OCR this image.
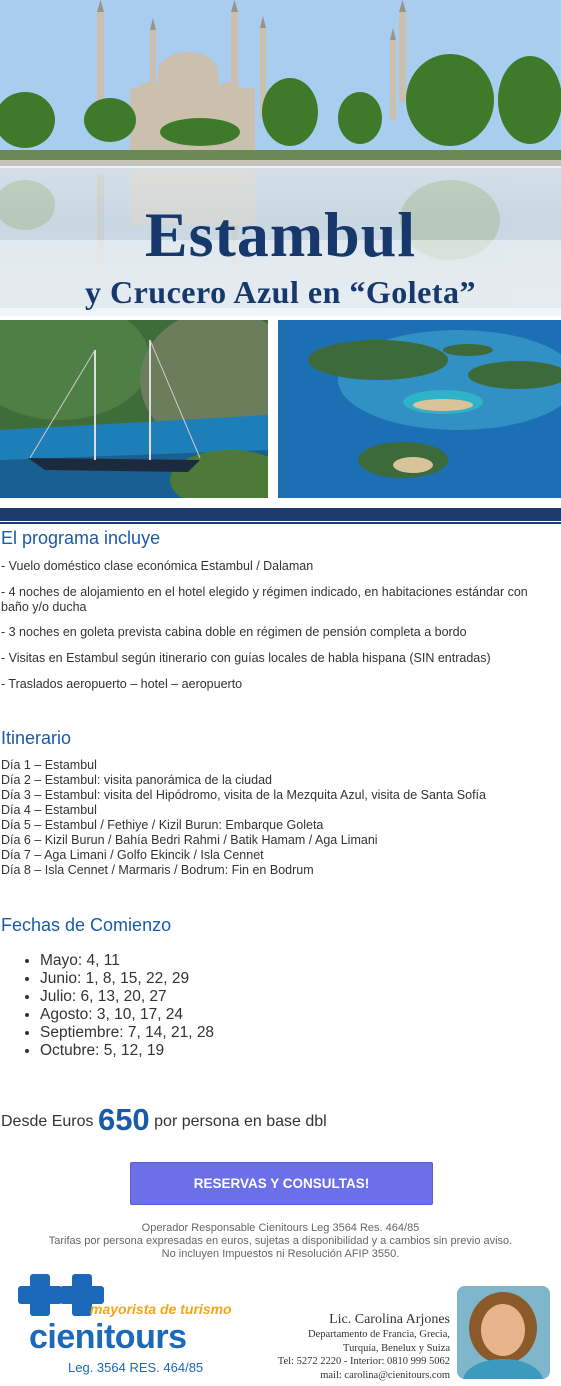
Estambul
y Crucero Azul en “Goleta”
El programa incluye
- Vuelo doméstico clase económica Estambul / Dalaman
- 4 noches de alojamiento en el hotel elegido y régimen indicado, en habitaciones estándar con baño y/o ducha
- 3 noches en goleta prevista cabina doble en régimen de pensión completa a bordo
- Visitas en Estambul según itinerario con guías locales de habla hispana (SIN entradas)
- Traslados aeropuerto – hotel – aeropuerto
Itinerario
Día 1 – Estambul
Día 2 – Estambul: visita panorámica de la ciudad
Día 3 – Estambul: visita del Hipódromo, visita de la Mezquita Azul, visita de Santa Sofía
Día 4 – Estambul
Día 5 – Estambul / Fethiye / Kizil Burun: Embarque Goleta
Día 6 – Kizil Burun / Bahía Bedri Rahmi / Batik Hamam / Aga Limani
Día 7 – Aga Limani / Golfo Ekincik / Isla Cennet
Día 8 – Isla Cennet / Marmaris / Bodrum: Fin en Bodrum
Fechas de Comienzo
• Mayo: 4, 11
• Junio: 1, 8, 15, 22, 29
• Julio: 6, 13, 20, 27
• Agosto: 3, 10, 17, 24
• Septiembre: 7, 14, 21, 28
• Octubre: 5, 12, 19
Desde Euros 650 por persona en base dbl
RESERVAS Y CONSULTAS!
Operador Responsable Cienitours Leg 3564 Res. 464/85
Tarifas por persona expresadas en euros, sujetas a disponibilidad y a cambios sin previo aviso.
No incluyen Impuestos ni Resolución AFIP 3550.
mayorista de turismo
cienitours
Leg. 3564 RES. 464/85
Lic. Carolina Arjones
Departamento de Francia, Grecia,
Turquía, Benelux y Suiza
Tel: 5272 2220 - Interior: 0810 999 5062
mail: carolina@cienitours.com
